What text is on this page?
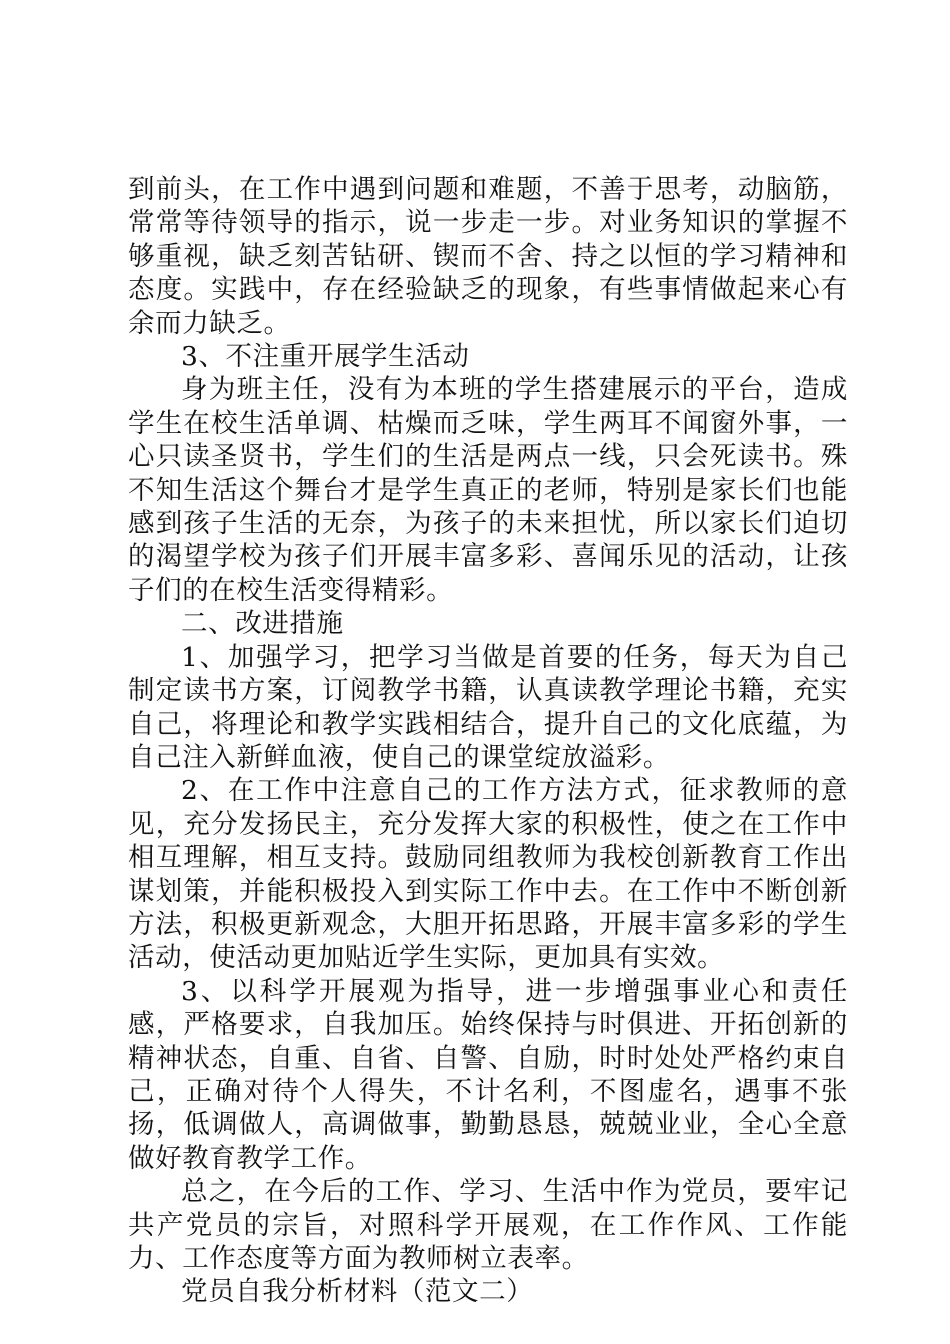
到前头，在工作中遇到问题和难题，不善于思考，动脑筋，常常等待领导的指示，说一步走一步。对业务知识的掌握不够重视，缺乏刻苦钻研、锲而不舍、持之以恒的学习精神和态度。实践中，存在经验缺乏的现象，有些事情做起来心有余而力缺乏。

3、不注重开展学生活动

身为班主任，没有为本班的学生搭建展示的平台，造成学生在校生活单调、枯燥而乏味，学生两耳不闻窗外事，一心只读圣贤书，学生们的生活是两点一线，只会死读书。殊不知生活这个舞台才是学生真正的老师，特别是家长们也能感到孩子生活的无奈，为孩子的未来担忧，所以家长们迫切的渴望学校为孩子们开展丰富多彩、喜闻乐见的活动，让孩子们的在校生活变得精彩。

二、改进措施

1、加强学习，把学习当做是首要的任务，每天为自己制定读书方案，订阅教学书籍，认真读教学理论书籍，充实自己，将理论和教学实践相结合，提升自己的文化底蕴，为自己注入新鲜血液，使自己的课堂绽放溢彩。

2、在工作中注意自己的工作方法方式，征求教师的意见，充分发扬民主，充分发挥大家的积极性，使之在工作中相互理解，相互支持。鼓励同组教师为我校创新教育工作出谋划策，并能积极投入到实际工作中去。在工作中不断创新方法，积极更新观念，大胆开拓思路，开展丰富多彩的学生活动，使活动更加贴近学生实际，更加具有实效。

3、以科学开展观为指导，进一步增强事业心和责任感，严格要求，自我加压。始终保持与时俱进、开拓创新的精神状态，自重、自省、自警、自励，时时处处严格约束自己，正确对待个人得失，不计名利，不图虚名，遇事不张扬，低调做人，高调做事，勤勤恳恳，兢兢业业，全心全意做好教育教学工作。

总之，在今后的工作、学习、生活中作为党员，要牢记共产党员的宗旨，对照科学开展观，在工作作风、工作能力、工作态度等方面为教师树立表率。

党员自我分析材料（范文二）
